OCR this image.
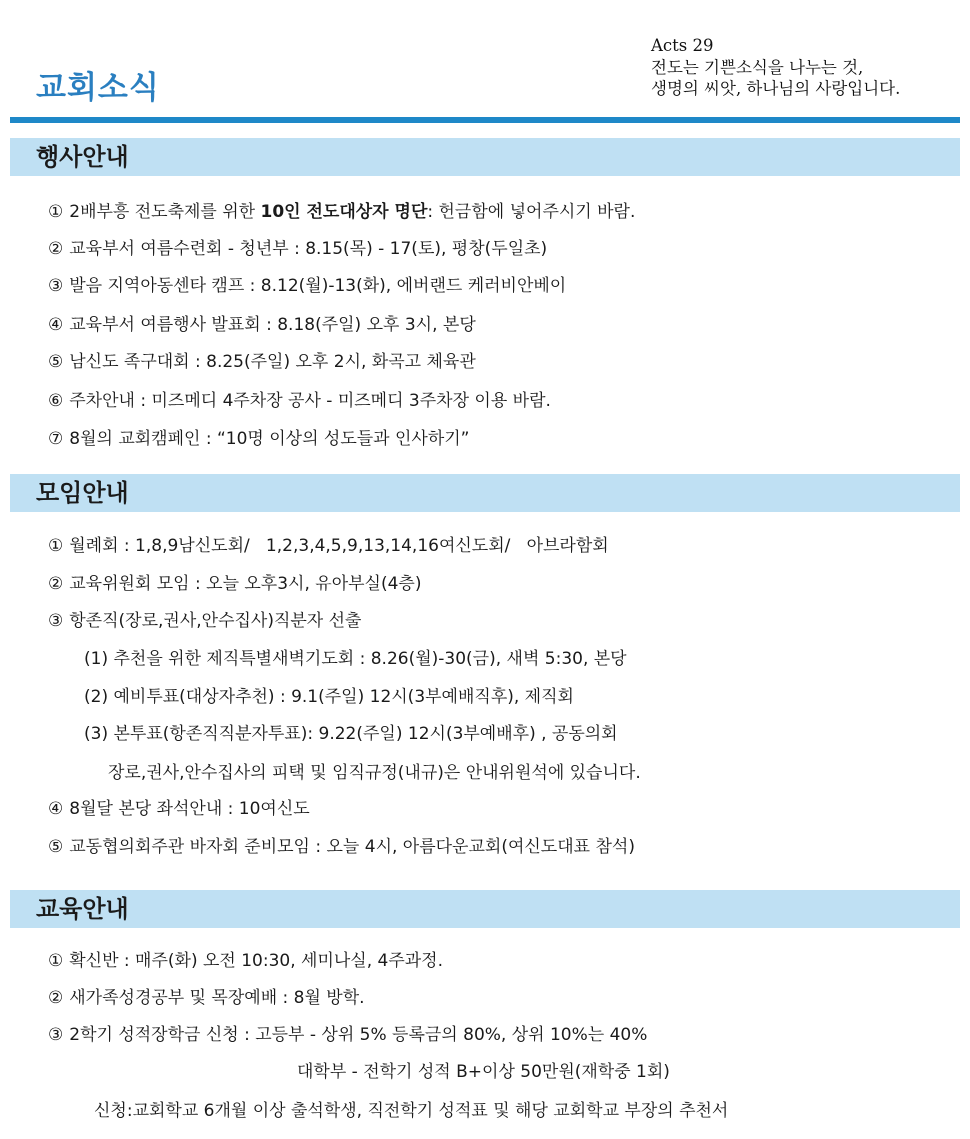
교회소식
Acts 29
전도는 기쁜소식을 나누는 것,
생명의 씨앗, 하나님의 사랑입니다.
행사안내
① 2배부흥 전도축제를 위한 10인 전도대상자 명단: 헌금함에 넣어주시기 바람.
② 교육부서 여름수련회 - 청년부 : 8.15(목) - 17(토), 평창(두일초)
③ 발음 지역아동센타 캠프 : 8.12(월)-13(화), 에버랜드 케러비안베이
④ 교육부서 여름행사 발표회 : 8.18(주일) 오후 3시, 본당
⑤ 남신도 족구대회 : 8.25(주일) 오후 2시, 화곡고 체육관
⑥ 주차안내 : 미즈메디 4주차장 공사 - 미즈메디 3주차장 이용 바람.
⑦ 8월의 교회캠페인 : “10명 이상의 성도들과 인사하기”
모임안내
① 월례회 : 1,8,9남신도회/   1,2,3,4,5,9,13,14,16여신도회/   아브라함회
② 교육위원회 모임 : 오늘 오후3시, 유아부실(4층)
③ 항존직(장로,권사,안수집사)직분자 선출
(1) 추천을 위한 제직특별새벽기도회 : 8.26(월)-30(금), 새벽 5:30, 본당
(2) 예비투표(대상자추천) : 9.1(주일) 12시(3부예배직후), 제직회
(3) 본투표(항존직직분자투표): 9.22(주일) 12시(3부예배후) , 공동의회
장로,권사,안수집사의 피택 및 임직규정(내규)은 안내위원석에 있습니다.
④ 8월달 본당 좌석안내 : 10여신도
⑤ 교동협의회주관 바자회 준비모임 : 오늘 4시, 아름다운교회(여신도대표 참석)
교육안내
① 확신반 : 매주(화) 오전 10:30, 세미나실, 4주과정.
② 새가족성경공부 및 목장예배 : 8월 방학.
③ 2학기 성적장학금 신청 : 고등부 - 상위 5% 등록금의 80%, 상위 10%는 40%
대학부 - 전학기 성적 B+이상 50만원(재학중 1회)
신청:교회학교 6개월 이상 출석학생, 직전학기 성적표 및 해당 교회학교 부장의 추천서
